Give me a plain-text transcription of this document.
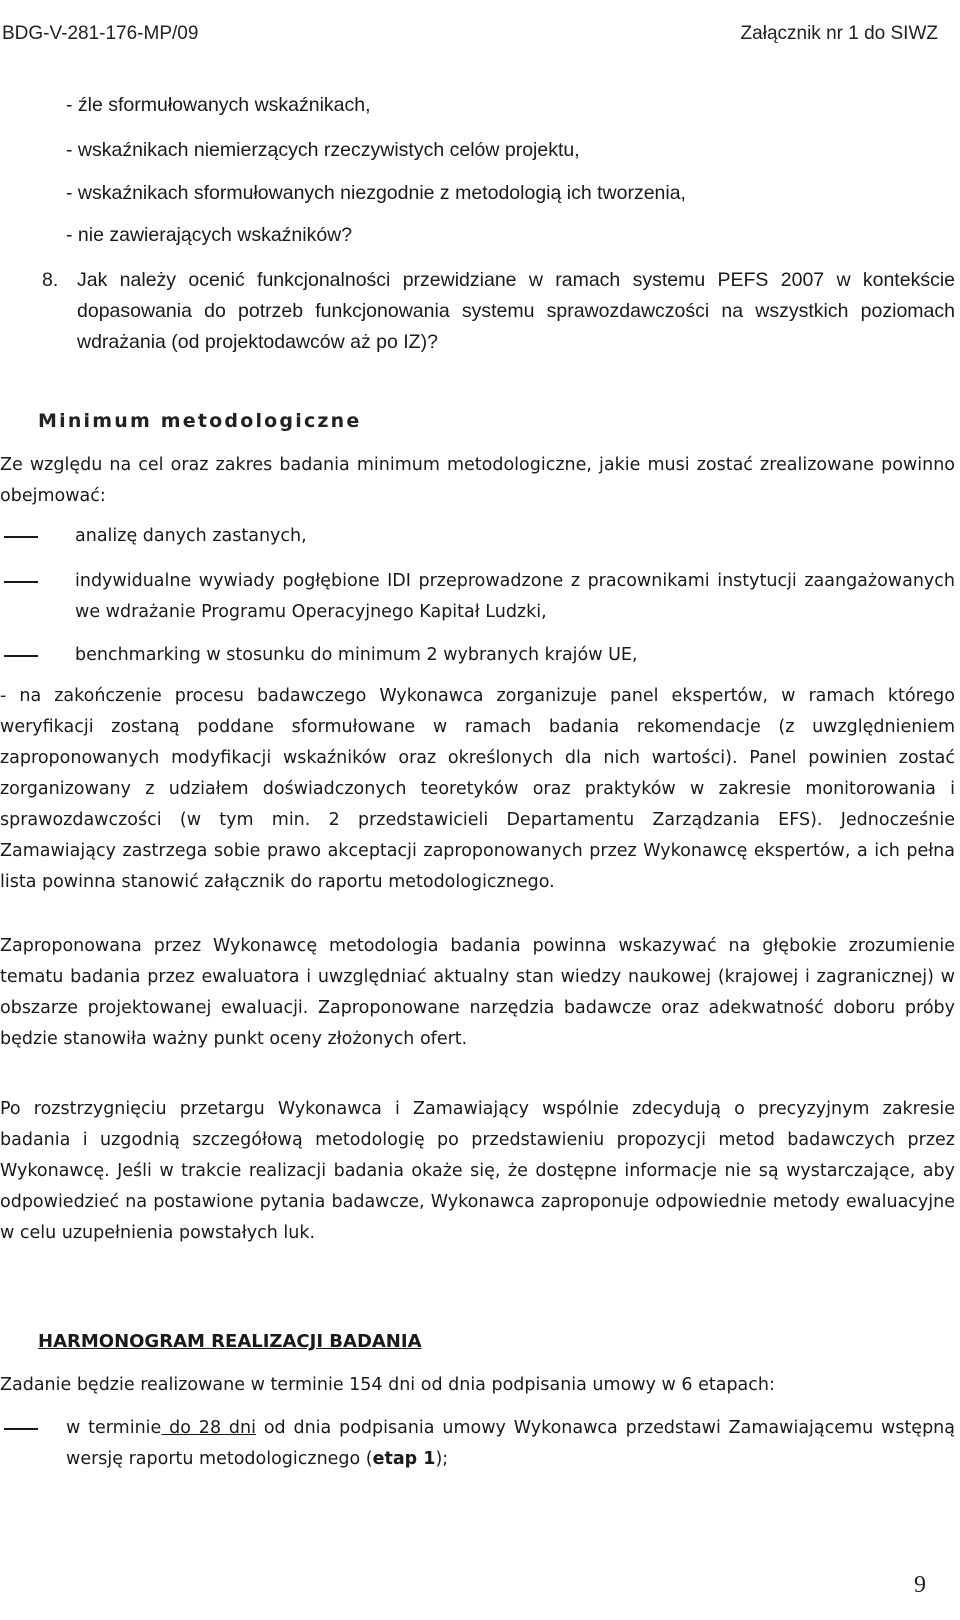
BDG-V-281-176-MP/09	Załącznik nr 1 do SIWZ
- źle sformułowanych wskaźnikach,
- wskaźnikach niemierzących rzeczywistych celów projektu,
- wskaźnikach sformułowanych niezgodnie z metodologią ich tworzenia,
- nie zawierających wskaźników?
8. Jak należy ocenić funkcjonalności przewidziane w ramach systemu PEFS 2007 w kontekście dopasowania do potrzeb funkcjonowania systemu sprawozdawczości na wszystkich poziomach wdrażania (od projektodawców aż po IZ)?

Minimum metodologiczne

Ze względu na cel oraz zakres badania minimum metodologiczne, jakie musi zostać zrealizowane powinno obejmować:

analizę danych zastanych,

indywidualne wywiady pogłębione IDI przeprowadzone z pracownikami instytucji zaangażowanych we wdrażanie Programu Operacyjnego Kapitał Ludzki,

benchmarking w stosunku do minimum 2 wybranych krajów UE,

- na zakończenie procesu badawczego Wykonawca zorganizuje panel ekspertów, w ramach którego weryfikacji zostaną poddane sformułowane w ramach badania rekomendacje (z uwzględnieniem zaproponowanych modyfikacji wskaźników oraz określonych dla nich wartości). Panel powinien zostać zorganizowany z udziałem doświadczonych teoretyków oraz praktyków w zakresie monitorowania i sprawozdawczości (w tym min. 2 przedstawicieli Departamentu Zarządzania EFS). Jednocześnie Zamawiający zastrzega sobie prawo akceptacji zaproponowanych przez Wykonawcę ekspertów, a ich pełna lista powinna stanowić załącznik do raportu metodologicznego.

Zaproponowana przez Wykonawcę metodologia badania powinna wskazywać na głębokie zrozumienie tematu badania przez ewaluatora i uwzględniać aktualny stan wiedzy naukowej (krajowej i zagranicznej) w obszarze projektowanej ewaluacji. Zaproponowane narzędzia badawcze oraz adekwatność doboru próby będzie stanowiła ważny punkt oceny złożonych ofert.

Po rozstrzygnięciu przetargu Wykonawca i Zamawiający wspólnie zdecydują o precyzyjnym zakresie badania i uzgodnią szczegółową metodologię po przedstawieniu propozycji metod badawczych przez Wykonawcę. Jeśli w trakcie realizacji badania okaże się, że dostępne informacje nie są wystarczające, aby odpowiedzieć na postawione pytania badawcze, Wykonawca zaproponuje odpowiednie metody ewaluacyjne w celu uzupełnienia powstałych luk.

HARMONOGRAM REALIZACJI BADANIA

Zadanie będzie realizowane w terminie 154 dni od dnia podpisania umowy w 6 etapach:

w terminie do 28 dni od dnia podpisania umowy Wykonawca przedstawi Zamawiającemu wstępną wersję raportu metodologicznego (etap 1);

9
